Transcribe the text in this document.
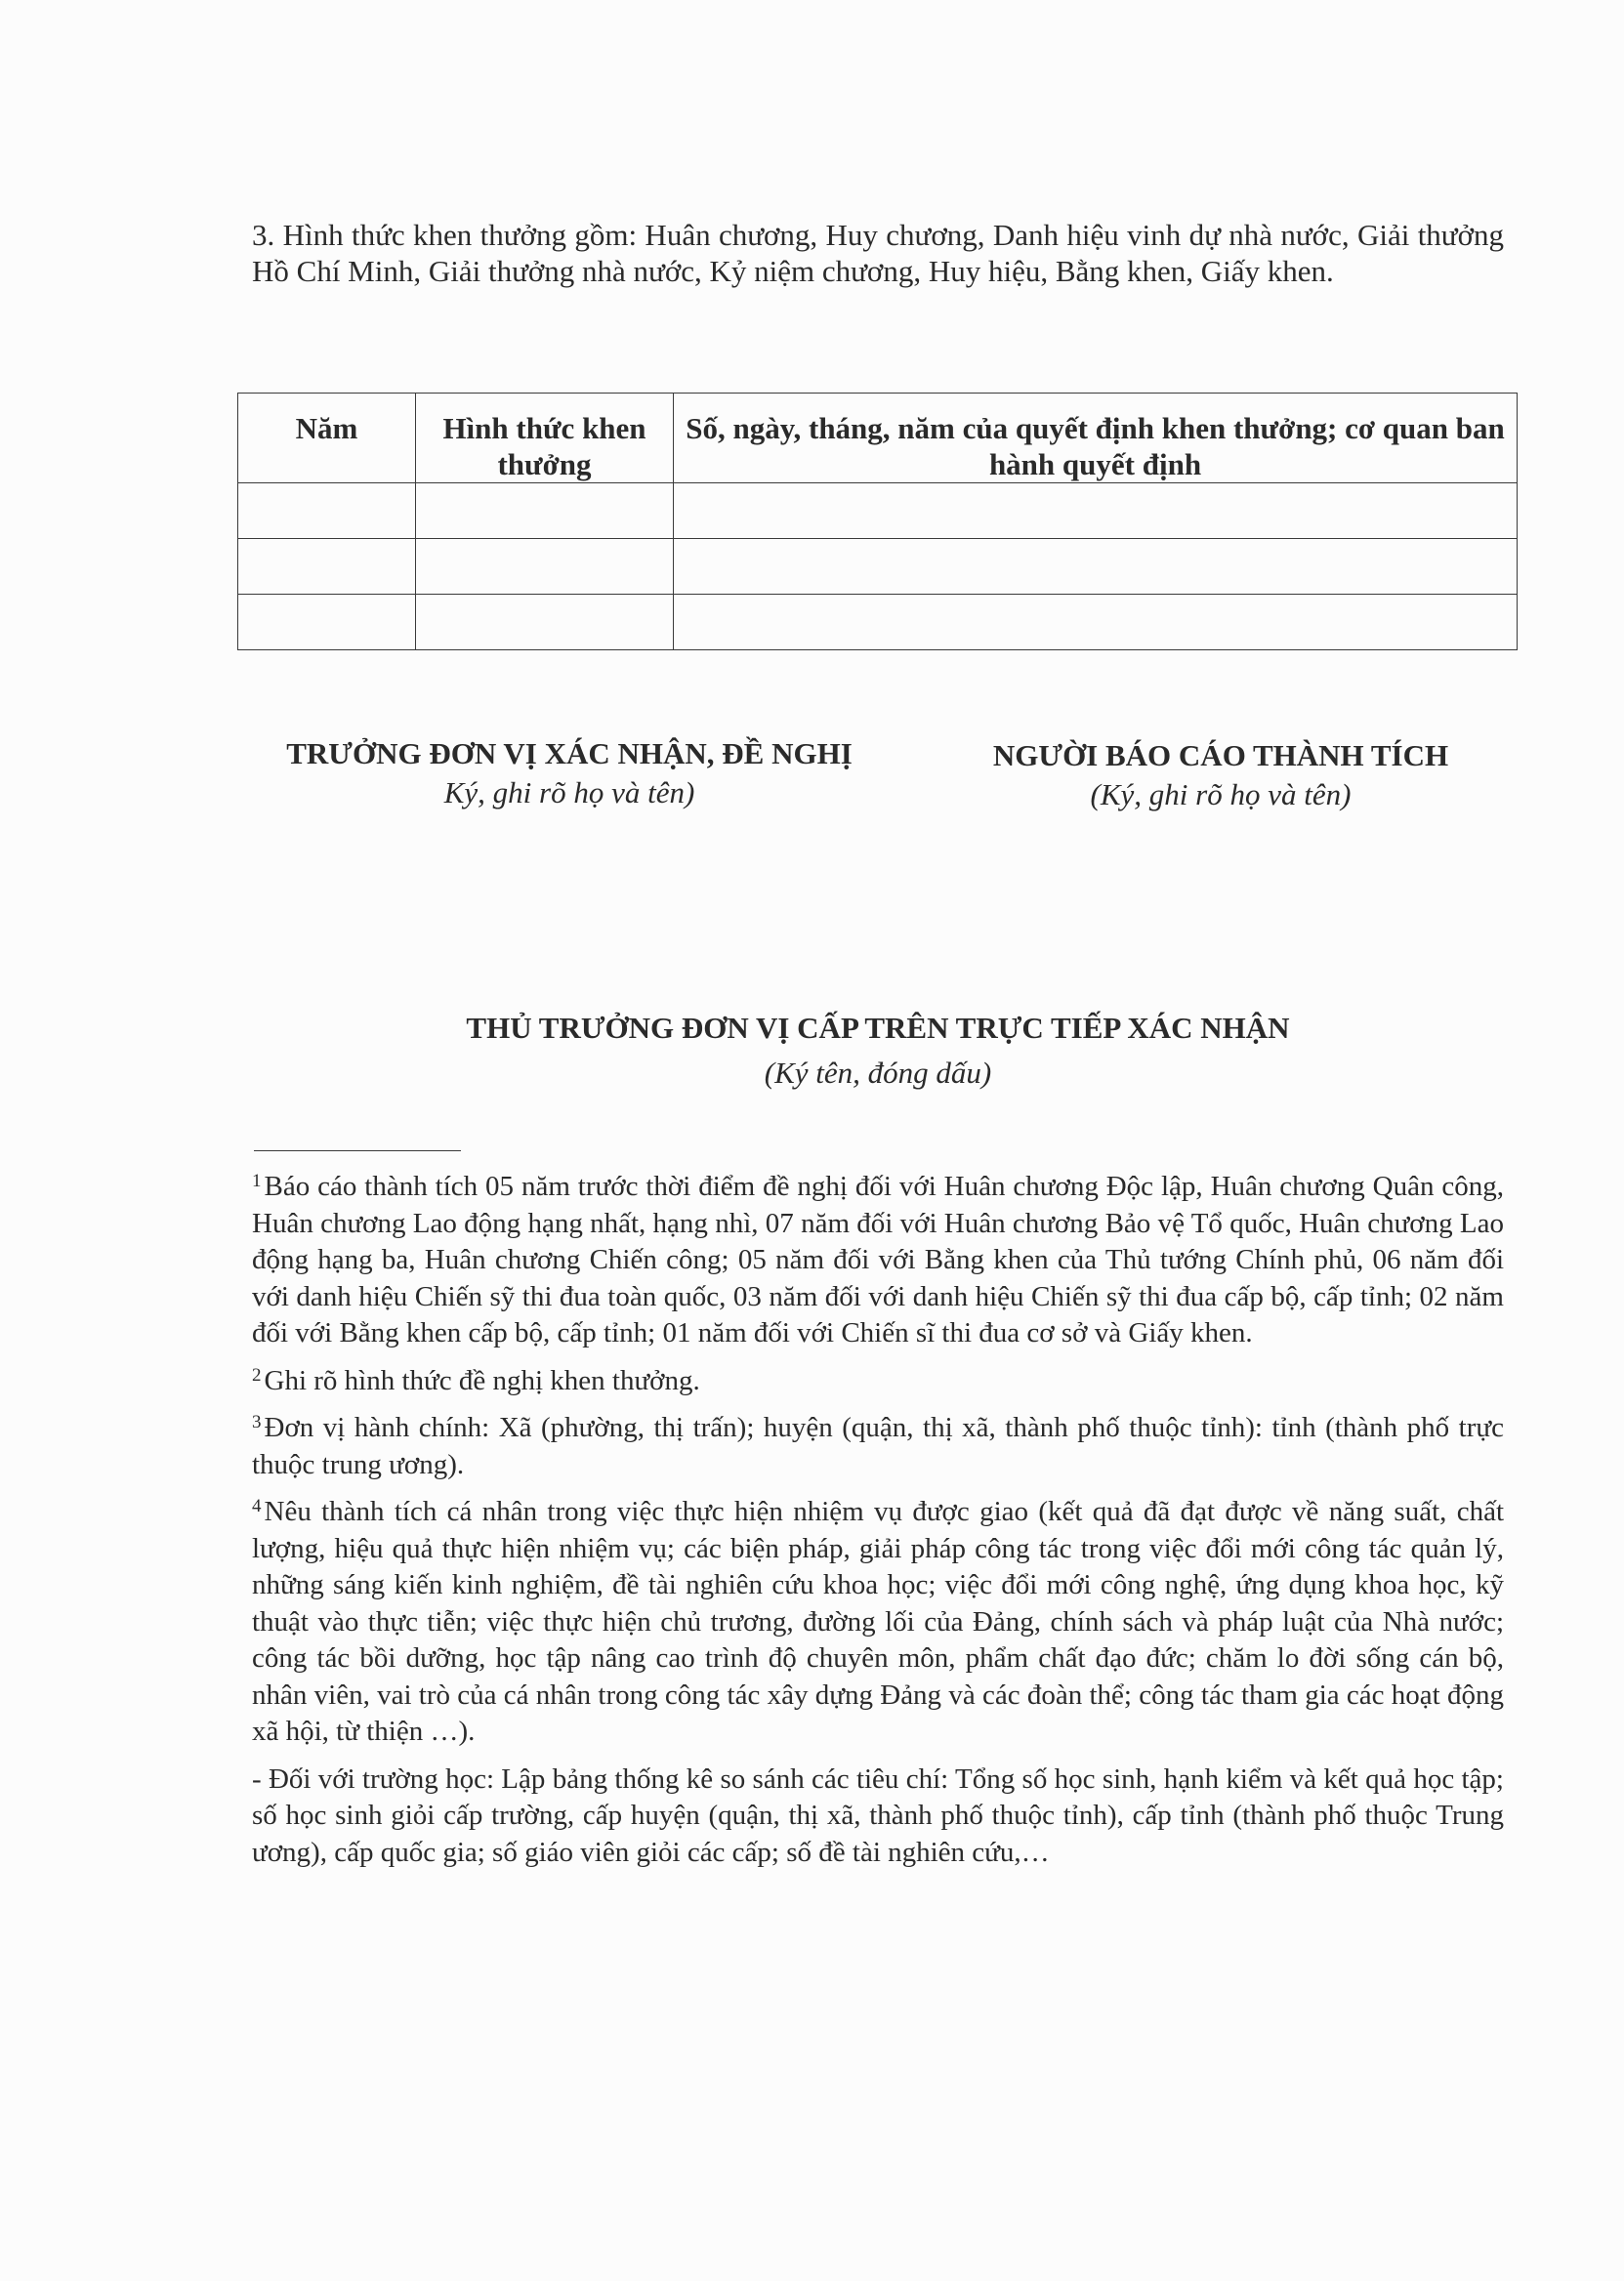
3. Hình thức khen thưởng gồm: Huân chương, Huy chương, Danh hiệu vinh dự nhà nước, Giải thưởng Hồ Chí Minh, Giải thưởng nhà nước, Kỷ niệm chương, Huy hiệu, Bằng khen, Giấy khen.

Năm	Hình thức khen thưởng	Số, ngày, tháng, năm của quyết định khen thưởng; cơ quan ban hành quyết định

TRƯỞNG ĐƠN VỊ XÁC NHẬN, ĐỀ NGHỊ
Ký, ghi rõ họ và tên)
NGƯỜI BÁO CÁO THÀNH TÍCH
(Ký, ghi rõ họ và tên)
THỦ TRƯỞNG ĐƠN VỊ CẤP TRÊN TRỰC TIẾP XÁC NHẬN
(Ký tên, đóng dấu)

$^1$ Báo cáo thành tích 05 năm trước thời điểm đề nghị đối với Huân chương Độc lập, Huân chương Quân công, Huân chương Lao động hạng nhất, hạng nhì, 07 năm đối với Huân chương Bảo vệ Tổ quốc, Huân chương Lao động hạng ba, Huân chương Chiến công; 05 năm đối với Bằng khen của Thủ tướng Chính phủ, 06 năm đối với danh hiệu Chiến sỹ thi đua toàn quốc, 03 năm đối với danh hiệu Chiến sỹ thi đua cấp bộ, cấp tỉnh; 02 năm đối với Bằng khen cấp bộ, cấp tỉnh; 01 năm đối với Chiến sĩ thi đua cơ sở và Giấy khen.

$^2$ Ghi rõ hình thức đề nghị khen thưởng.

$^3$ Đơn vị hành chính: Xã (phường, thị trấn); huyện (quận, thị xã, thành phố thuộc tỉnh): tỉnh (thành phố trực thuộc trung ương).

$^4$ Nêu thành tích cá nhân trong việc thực hiện nhiệm vụ được giao (kết quả đã đạt được về năng suất, chất lượng, hiệu quả thực hiện nhiệm vụ; các biện pháp, giải pháp công tác trong việc đổi mới công tác quản lý, những sáng kiến kinh nghiệm, đề tài nghiên cứu khoa học; việc đổi mới công nghệ, ứng dụng khoa học, kỹ thuật vào thực tiễn; việc thực hiện chủ trương, đường lối của Đảng, chính sách và pháp luật của Nhà nước; công tác bồi dưỡng, học tập nâng cao trình độ chuyên môn, phẩm chất đạo đức; chăm lo đời sống cán bộ, nhân viên, vai trò của cá nhân trong công tác xây dựng Đảng và các đoàn thể; công tác tham gia các hoạt động xã hội, từ thiện …).

- Đối với trường học: Lập bảng thống kê so sánh các tiêu chí: Tổng số học sinh, hạnh kiểm và kết quả học tập; số học sinh giỏi cấp trường, cấp huyện (quận, thị xã, thành phố thuộc tỉnh), cấp tỉnh (thành phố thuộc Trung ương), cấp quốc gia; số giáo viên giỏi các cấp; số đề tài nghiên cứu,…
